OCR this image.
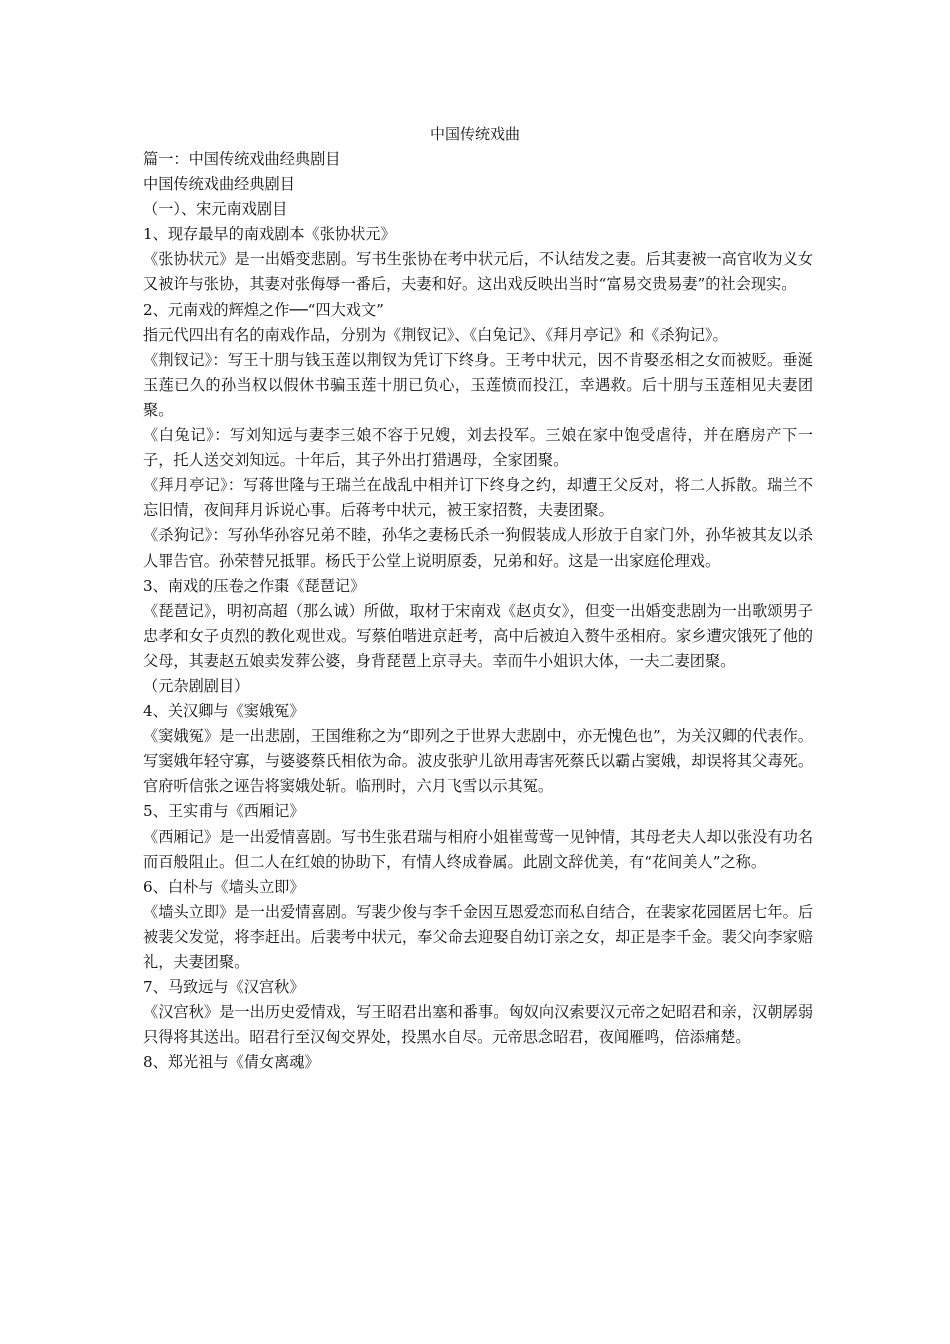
中国传统戏曲

篇一：中国传统戏曲经典剧目

中国传统戏曲经典剧目

（一）、宋元南戏剧目

1、现存最早的南戏剧本《张协状元》

《张协状元》是一出婚变悲剧。写书生张协在考中状元后，不认结发之妻。后其妻被一高官收为义女又被许与张协，其妻对张侮辱一番后，夫妻和好。这出戏反映出当时“富易交贵易妻”的社会现实。

2、元南戏的辉煌之作──“四大戏文”

指元代四出有名的南戏作品，分别为《荆钗记》、《白兔记》、《拜月亭记》和《杀狗记》。

《荆钗记》：写王十朋与钱玉莲以荆钗为凭订下终身。王考中状元，因不肯娶丞相之女而被贬。垂涎玉莲已久的孙当权以假休书骗玉莲十朋已负心，玉莲愤而投江，幸遇救。后十朋与玉莲相见夫妻团聚。

《白兔记》：写刘知远与妻李三娘不容于兄嫂，刘去投军。三娘在家中饱受虐待，并在磨房产下一子，托人送交刘知远。十年后，其子外出打猎遇母，全家团聚。

《拜月亭记》：写蒋世隆与王瑞兰在战乱中相并订下终身之约，却遭王父反对，将二人拆散。瑞兰不忘旧情，夜间拜月诉说心事。后蒋考中状元，被王家招赘，夫妻团聚。

《杀狗记》：写孙华孙容兄弟不睦，孙华之妻杨氏杀一狗假装成人形放于自家门外，孙华被其友以杀人罪告官。孙荣替兄抵罪。杨氏于公堂上说明原委，兄弟和好。这是一出家庭伦理戏。

3、南戏的压卷之作棗《琵琶记》

《琵琶记》，明初高超（那么诚）所做，取材于宋南戏《赵贞女》，但变一出婚变悲剧为一出歌颂男子忠孝和女子贞烈的教化观世戏。写蔡伯喈进京赶考，高中后被迫入赘牛丞相府。家乡遭灾饿死了他的父母，其妻赵五娘卖发葬公婆，身背琵琶上京寻夫。幸而牛小姐识大体，一夫二妻团聚。

（元杂剧剧目）

4、关汉卿与《窦娥冤》

《窦娥冤》是一出悲剧，王国维称之为“即列之于世界大悲剧中，亦无愧色也”，为关汉卿的代表作。写窦娥年轻守寡，与婆婆蔡氏相依为命。波皮张驴儿欲用毒害死蔡氏以霸占窦娥，却误将其父毒死。官府听信张之诬告将窦娥处斩。临刑时，六月飞雪以示其冤。

5、王实甫与《西厢记》

《西厢记》是一出爱情喜剧。写书生张君瑞与相府小姐崔莺莺一见钟情，其母老夫人却以张没有功名而百般阻止。但二人在红娘的协助下，有情人终成眷属。此剧文辞优美，有“花间美人”之称。

6、白朴与《墙头立即》

《墙头立即》是一出爱情喜剧。写裴少俊与李千金因互恩爱恋而私自结合，在裴家花园匿居七年。后被裴父发觉，将李赶出。后裴考中状元，奉父命去迎娶自幼订亲之女，却正是李千金。裴父向李家赔礼，夫妻团聚。

7、马致远与《汉宫秋》

《汉宫秋》是一出历史爱情戏，写王昭君出塞和番事。匈奴向汉索要汉元帝之妃昭君和亲，汉朝孱弱只得将其送出。昭君行至汉匈交界处，投黑水自尽。元帝思念昭君，夜闻雁鸣，倍添痛楚。

8、郑光祖与《倩女离魂》
